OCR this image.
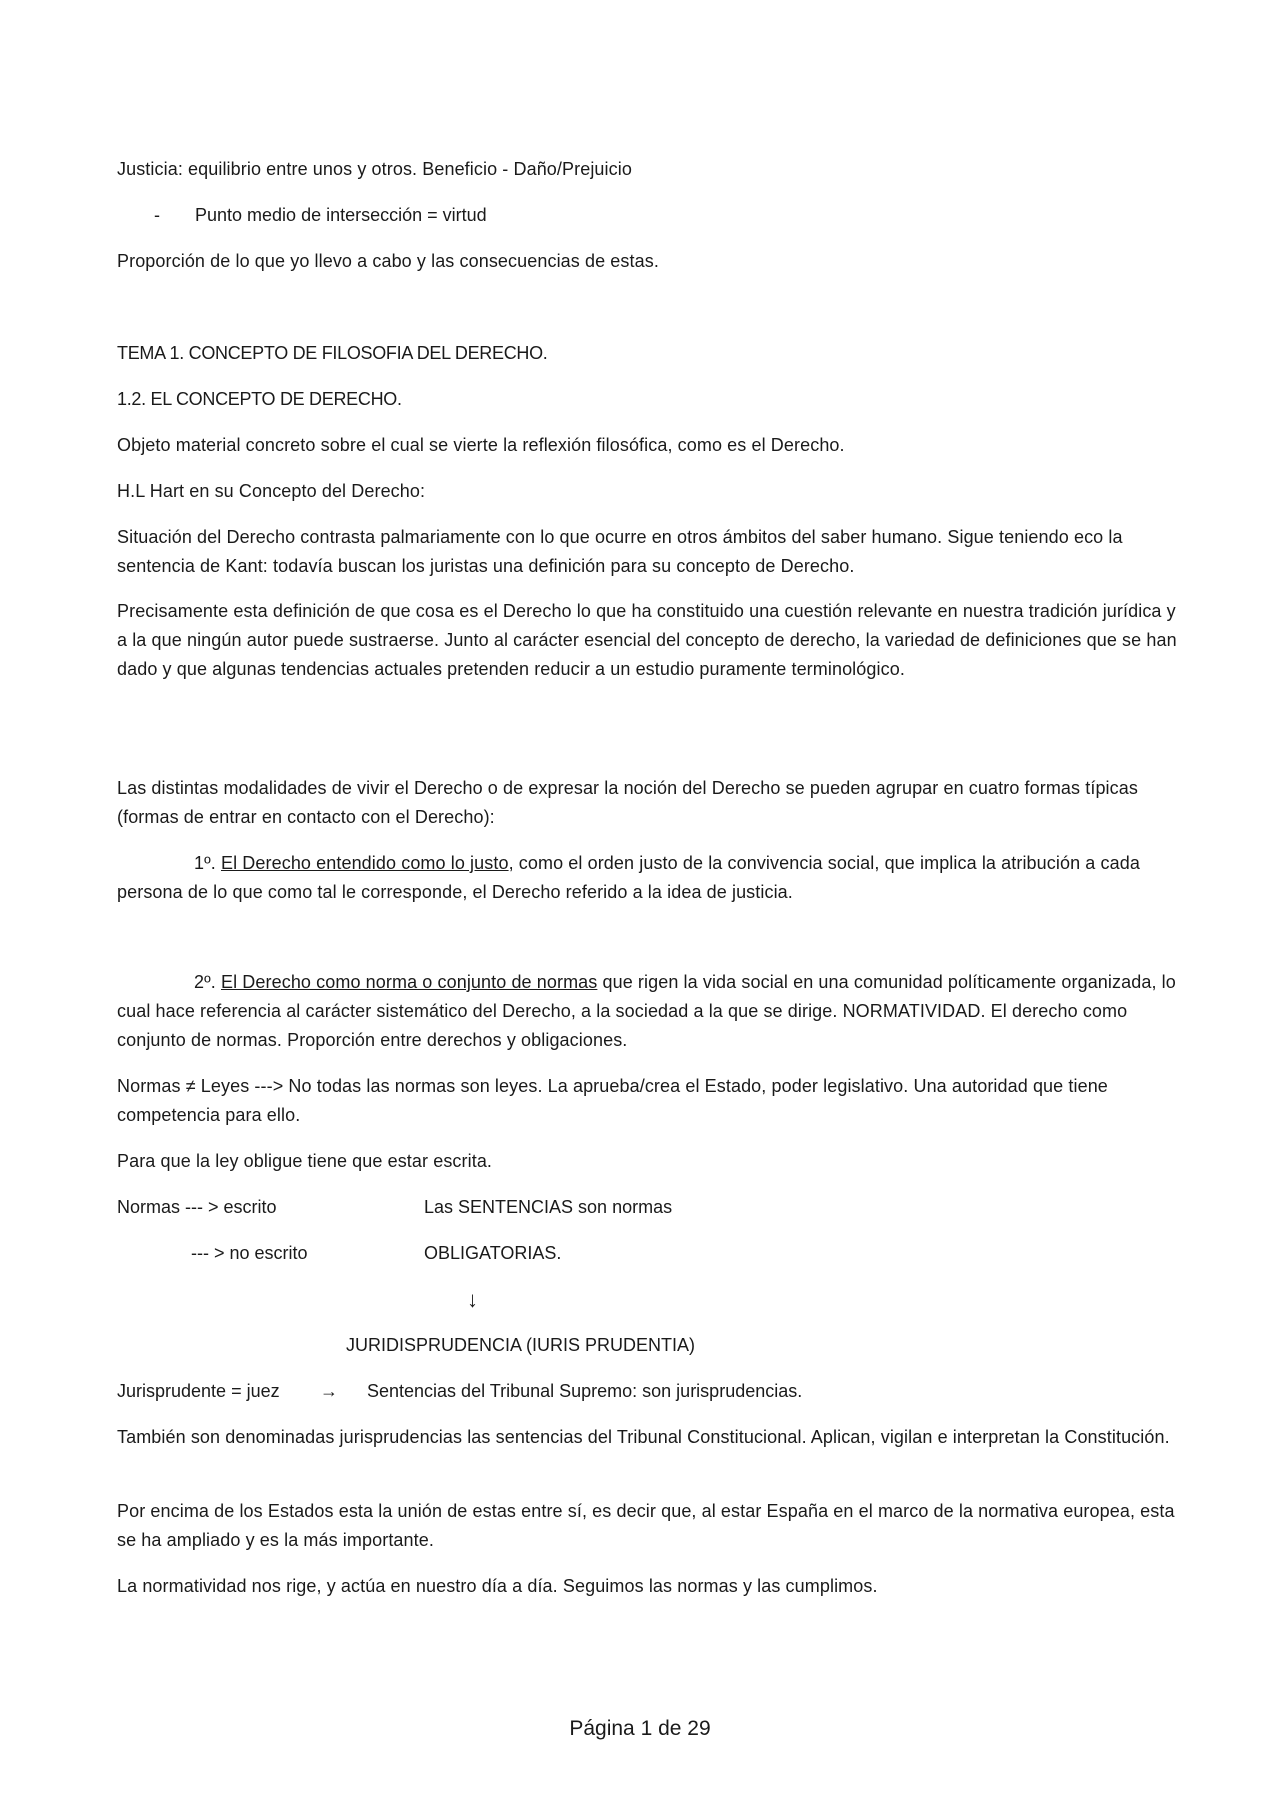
Justicia: equilibrio entre unos y otros. Beneficio - Daño/Prejuicio

- Punto medio de intersección = virtud

Proporción de lo que yo llevo a cabo y las consecuencias de estas.

TEMA 1. CONCEPTO DE FILOSOFIA DEL DERECHO.

1.2. EL CONCEPTO DE DERECHO.

Objeto material concreto sobre el cual se vierte la reflexión filosófica, como es el Derecho.

H.L Hart en su Concepto del Derecho:

Situación del Derecho contrasta palmariamente con lo que ocurre en otros ámbitos del saber humano. Sigue teniendo eco la sentencia de Kant: todavía buscan los juristas una definición para su concepto de Derecho.

Precisamente esta definición de que cosa es el Derecho lo que ha constituido una cuestión relevante en nuestra tradición jurídica y a la que ningún autor puede sustraerse. Junto al carácter esencial del concepto de derecho, la variedad de definiciones que se han dado y que algunas tendencias actuales pretenden reducir a un estudio puramente terminológico.

Las distintas modalidades de vivir el Derecho o de expresar la noción del Derecho se pueden agrupar en cuatro formas típicas (formas de entrar en contacto con el Derecho):

1º. El Derecho entendido como lo justo, como el orden justo de la convivencia social, que implica la atribución a cada persona de lo que como tal le corresponde, el Derecho referido a la idea de justicia.

2º. El Derecho como norma o conjunto de normas que rigen la vida social en una comunidad políticamente organizada, lo cual hace referencia al carácter sistemático del Derecho, a la sociedad a la que se dirige. NORMATIVIDAD. El derecho como conjunto de normas. Proporción entre derechos y obligaciones.

Normas ≠ Leyes ---> No todas las normas son leyes. La aprueba/crea el Estado, poder legislativo. Una autoridad que tiene competencia para ello.

Para que la ley obligue tiene que estar escrita.

Normas --- > escrito	Las SENTENCIAS son normas
--- > no escrito	OBLIGATORIAS.
↓
JURIDISPRUDENCIA (IURIS PRUDENTIA)
Jurisprudente = juez → Sentencias del Tribunal Supremo: son jurisprudencias.

También son denominadas jurisprudencias las sentencias del Tribunal Constitucional. Aplican, vigilan e interpretan la Constitución.

Por encima de los Estados esta la unión de estas entre sí, es decir que, al estar España en el marco de la normativa europea, esta se ha ampliado y es la más importante.

La normatividad nos rige, y actúa en nuestro día a día. Seguimos las normas y las cumplimos.

Página 1 de 29
